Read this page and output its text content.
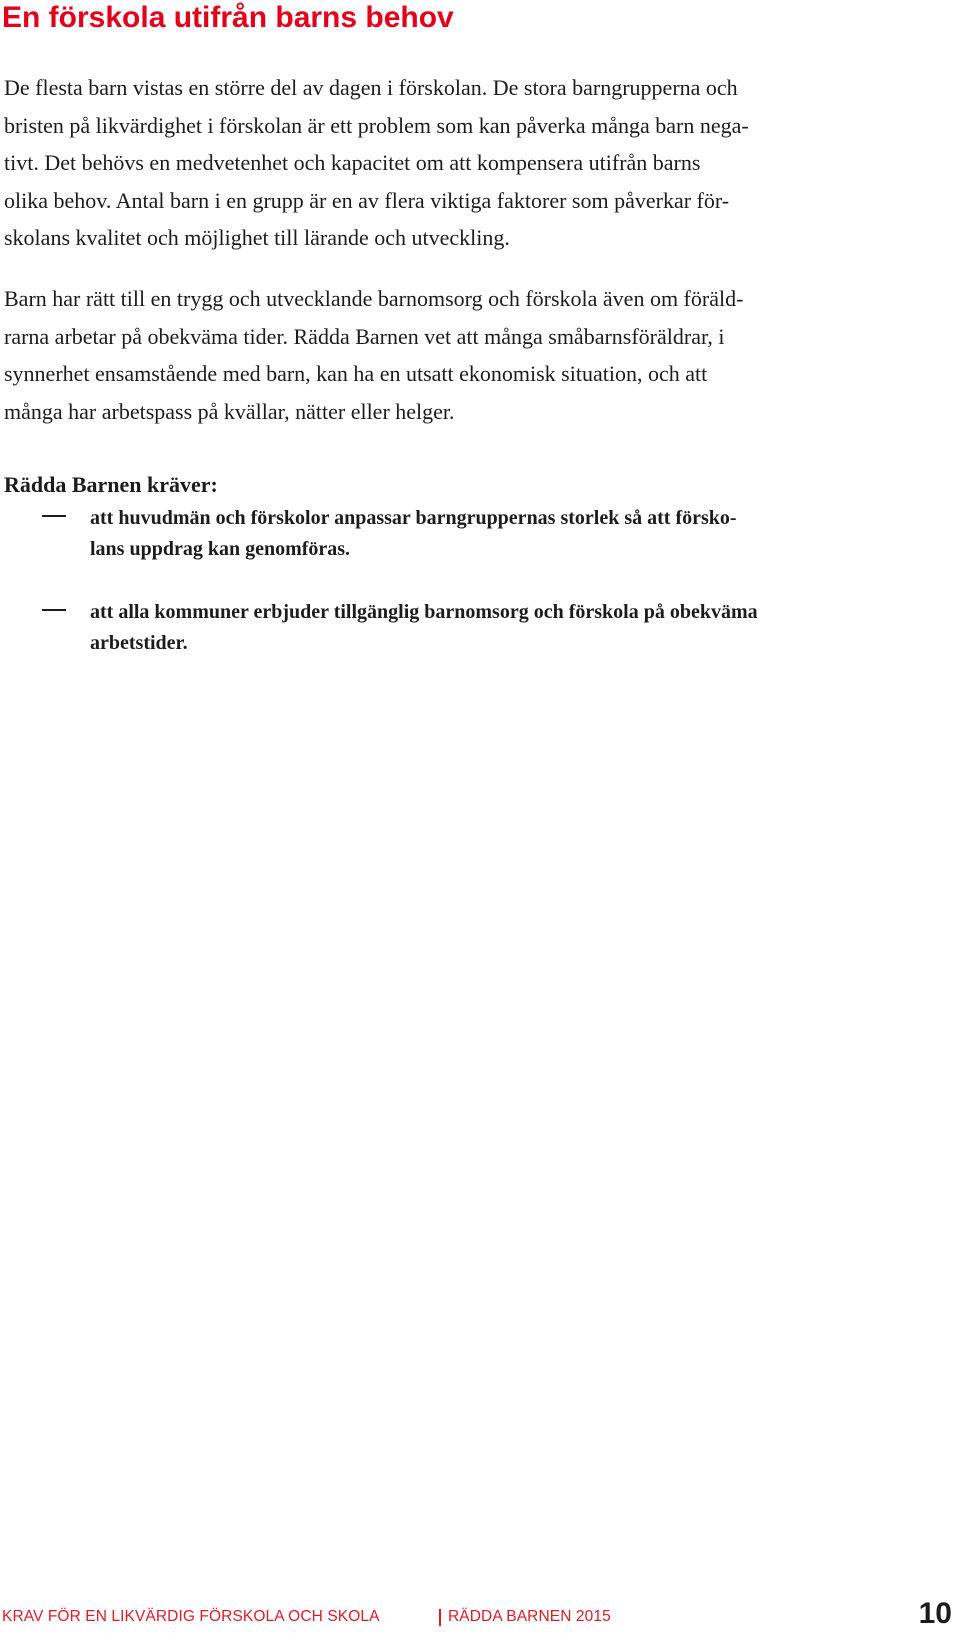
En förskola utifrån barns behov
De flesta barn vistas en större del av dagen i förskolan. De stora barngrupperna och
bristen på likvärdighet i förskolan är ett problem som kan påverka många barn nega-
tivt. Det behövs en medvetenhet och kapacitet om att kompensera utifrån barns
olika behov. Antal barn i en grupp är en av flera viktiga faktorer som påverkar för-
skolans kvalitet och möjlighet till lärande och utveckling.
Barn har rätt till en trygg och utvecklande barnomsorg och förskola även om föräld-
rarna arbetar på obekväma tider. Rädda Barnen vet att många småbarnsföräldrar, i
synnerhet ensamstående med barn, kan ha en utsatt ekonomisk situation, och att
många har arbetspass på kvällar, nätter eller helger.
Rädda Barnen kräver:
att huvudmän och förskolor anpassar barngruppernas storlek så att försko-
lans uppdrag kan genomföras.
att alla kommuner erbjuder tillgänglig barnomsorg och förskola på obekväma
arbetstider.
KRAV FÖR EN LIKVÄRDIG FÖRSKOLA OCH SKOLA	RÄDDA BARNEN 2015	10
